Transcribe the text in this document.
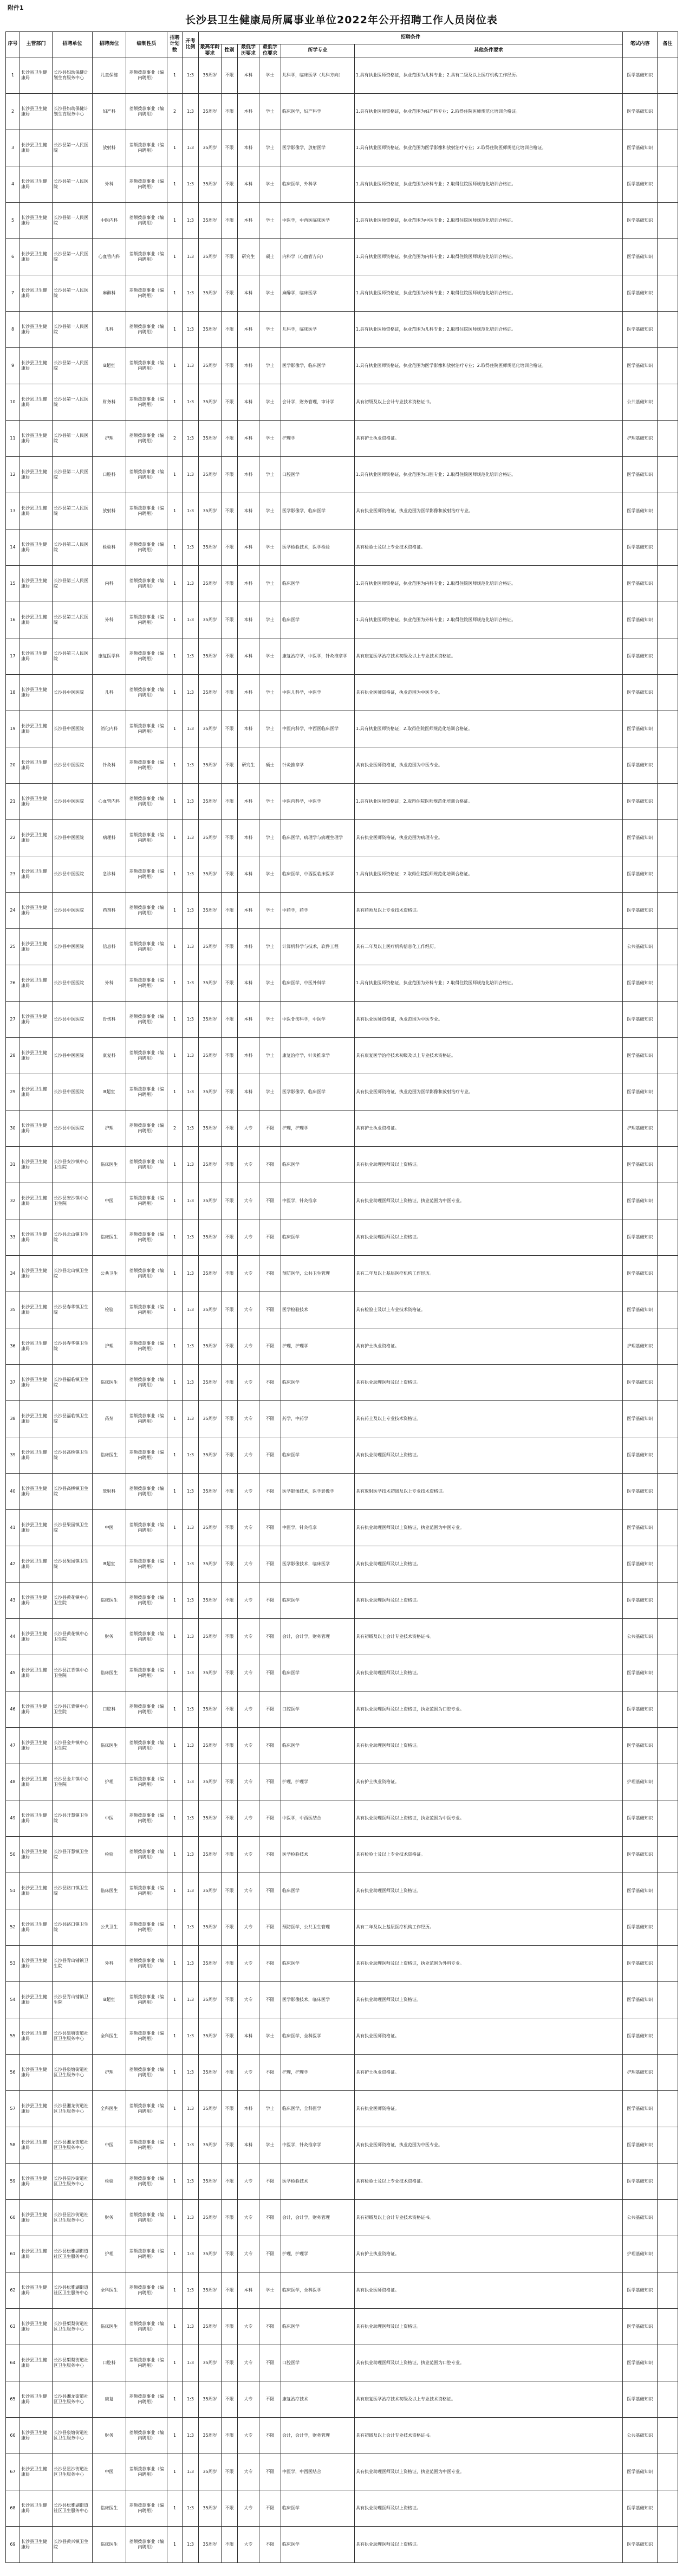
附件1
长沙县卫生健康局所属事业单位2022年公开招聘工作人员岗位表
序号	主管部门	招聘单位	招聘岗位	编制性质	招聘计划数	开考比例	招聘条件						笔试内容	备注
							最高年龄要求	性别	最低学历要求	最低学位要求	所学专业	其他条件要求		
1	长沙县卫生健康局	长沙县妇幼保健计划生育服务中心	儿童保健	差额拨款事业（编内聘用）	1	1:3	35周岁	不限	本科	学士	儿科学，临床医学（儿科方向）	1.具有执业医师资格证，执业范围为儿科专业；2.具有二级及以上医疗机构工作经历。	医学基础知识	
2	长沙县卫生健康局	长沙县妇幼保健计划生育服务中心	妇产科	差额拨款事业（编内聘用）	2	1:3	35周岁	不限	本科	学士	临床医学，妇产科学	1.具有执业医师资格证，执业范围为妇产科专业；2.取得住院医师规范化培训合格证。	医学基础知识	
3	长沙县卫生健康局	长沙县第一人民医院	放射科	差额拨款事业（编内聘用）	1	1:3	35周岁	不限	本科	学士	医学影像学，放射医学	1.具有执业医师资格证，执业范围为医学影像和放射治疗专业；2.取得住院医师规范化培训合格证。	医学基础知识	
4	长沙县卫生健康局	长沙县第一人民医院	外科	差额拨款事业（编内聘用）	1	1:3	35周岁	不限	本科	学士	临床医学，外科学	1.具有执业医师资格证，执业范围为外科专业；2.取得住院医师规范化培训合格证。	医学基础知识	
5	长沙县卫生健康局	长沙县第一人民医院	中医内科	差额拨款事业（编内聘用）	1	1:3	35周岁	不限	本科	学士	中医学，中西医临床医学	1.具有执业医师资格证，执业范围为中医专业；2.取得住院医师规范化培训合格证。	医学基础知识	
6	长沙县卫生健康局	长沙县第一人民医院	心血管内科	差额拨款事业（编内聘用）	1	1:3	35周岁	不限	研究生	硕士	内科学（心血管方向）	1.具有执业医师资格证，执业范围为内科专业；2.取得住院医师规范化培训合格证。	医学基础知识	
7	长沙县卫生健康局	长沙县第一人民医院	麻醉科	差额拨款事业（编内聘用）	1	1:3	35周岁	不限	本科	学士	麻醉学，临床医学	1.具有执业医师资格证，执业范围为外科专业；2.取得住院医师规范化培训合格证。	医学基础知识	
8	长沙县卫生健康局	长沙县第一人民医院	儿科	差额拨款事业（编内聘用）	1	1:3	35周岁	不限	本科	学士	儿科学，临床医学	1.具有执业医师资格证，执业范围为儿科专业；2.取得住院医师规范化培训合格证。	医学基础知识	
9	长沙县卫生健康局	长沙县第一人民医院	B超室	差额拨款事业（编内聘用）	1	1:3	35周岁	不限	本科	学士	医学影像学，临床医学	1.具有执业医师资格证，执业范围为医学影像和放射治疗专业；2.取得住院医师规范化培训合格证。	医学基础知识	
10	长沙县卫生健康局	长沙县第一人民医院	财务科	差额拨款事业（编内聘用）	1	1:3	35周岁	不限	本科	学士	会计学，财务管理，审计学	具有初级及以上会计专业技术资格证书。	公共基础知识	
11	长沙县卫生健康局	长沙县第一人民医院	护理	差额拨款事业（编内聘用）	2	1:3	35周岁	不限	本科	学士	护理学	具有护士执业资格证。	护理基础知识	
12	长沙县卫生健康局	长沙县第二人民医院	口腔科	差额拨款事业（编内聘用）	1	1:3	35周岁	不限	本科	学士	口腔医学	1.具有执业医师资格证，执业范围为口腔专业；2.取得住院医师规范化培训合格证。	医学基础知识	
13	长沙县卫生健康局	长沙县第二人民医院	放射科	差额拨款事业（编内聘用）	1	1:3	35周岁	不限	本科	学士	医学影像学，临床医学	具有执业医师资格证，执业范围为医学影像和放射治疗专业。	医学基础知识	
14	长沙县卫生健康局	长沙县第二人民医院	检验科	差额拨款事业（编内聘用）	1	1:3	35周岁	不限	本科	学士	医学检验技术，医学检验	具有检验士及以上专业技术资格证。	医学基础知识	
15	长沙县卫生健康局	长沙县第三人民医院	内科	差额拨款事业（编内聘用）	1	1:3	35周岁	不限	本科	学士	临床医学	1.具有执业医师资格证，执业范围为内科专业；2.取得住院医师规范化培训合格证。	医学基础知识	
16	长沙县卫生健康局	长沙县第三人民医院	外科	差额拨款事业（编内聘用）	1	1:3	35周岁	不限	本科	学士	临床医学	1.具有执业医师资格证，执业范围为外科专业；2.取得住院医师规范化培训合格证。	医学基础知识	
17	长沙县卫生健康局	长沙县第三人民医院	康复医学科	差额拨款事业（编内聘用）	1	1:3	35周岁	不限	本科	学士	康复治疗学，中医学，针灸推拿学	具有康复医学治疗技术初级及以上专业技术资格证。	医学基础知识	
18	长沙县卫生健康局	长沙县中医医院	儿科	差额拨款事业（编内聘用）	1	1:3	35周岁	不限	本科	学士	中医儿科学，中医学	具有执业医师资格证，执业范围为中医专业。	医学基础知识	
19	长沙县卫生健康局	长沙县中医医院	消化内科	差额拨款事业（编内聘用）	1	1:3	35周岁	不限	本科	学士	中医内科学，中西医临床医学	1.具有执业医师资格证；2.取得住院医师规范化培训合格证。	医学基础知识	
20	长沙县卫生健康局	长沙县中医医院	针灸科	差额拨款事业（编内聘用）	1	1:3	35周岁	不限	研究生	硕士	针灸推拿学	具有执业医师资格证，执业范围为中医专业。	医学基础知识	
21	长沙县卫生健康局	长沙县中医医院	心血管内科	差额拨款事业（编内聘用）	1	1:3	35周岁	不限	本科	学士	中医内科学，中医学	1.具有执业医师资格证；2.取得住院医师规范化培训合格证。	医学基础知识	
22	长沙县卫生健康局	长沙县中医医院	病理科	差额拨款事业（编内聘用）	1	1:3	35周岁	不限	本科	学士	临床医学，病理学与病理生理学	具有执业医师资格证，执业范围为病理专业。	医学基础知识	
23	长沙县卫生健康局	长沙县中医医院	急诊科	差额拨款事业（编内聘用）	1	1:3	35周岁	不限	本科	学士	临床医学，中西医临床医学	1.具有执业医师资格证；2.取得住院医师规范化培训合格证。	医学基础知识	
24	长沙县卫生健康局	长沙县中医医院	药剂科	差额拨款事业（编内聘用）	1	1:3	35周岁	不限	本科	学士	中药学，药学	具有药师及以上专业技术资格证。	医学基础知识	
25	长沙县卫生健康局	长沙县中医医院	信息科	差额拨款事业（编内聘用）	1	1:3	35周岁	不限	本科	学士	计算机科学与技术，软件工程	具有二年及以上医疗机构信息化工作经历。	公共基础知识	
26	长沙县卫生健康局	长沙县中医医院	外科	差额拨款事业（编内聘用）	1	1:3	35周岁	不限	本科	学士	临床医学，中医外科学	1.具有执业医师资格证，执业范围为外科专业；2.取得住院医师规范化培训合格证。	医学基础知识	
27	长沙县卫生健康局	长沙县中医医院	骨伤科	差额拨款事业（编内聘用）	1	1:3	35周岁	不限	本科	学士	中医骨伤科学，中医学	具有执业医师资格证，执业范围为中医专业。	医学基础知识	
28	长沙县卫生健康局	长沙县中医医院	康复科	差额拨款事业（编内聘用）	1	1:3	35周岁	不限	本科	学士	康复治疗学，针灸推拿学	具有康复医学治疗技术初级及以上专业技术资格证。	医学基础知识	
29	长沙县卫生健康局	长沙县中医医院	B超室	差额拨款事业（编内聘用）	1	1:3	35周岁	不限	本科	学士	医学影像学，临床医学	具有执业医师资格证，执业范围为医学影像和放射治疗专业。	医学基础知识	
30	长沙县卫生健康局	长沙县中医医院	护理	差额拨款事业（编内聘用）	2	1:3	35周岁	不限	大专	不限	护理，护理学	具有护士执业资格证。	护理基础知识	
31	长沙县卫生健康局	长沙县安沙镇中心卫生院	临床医生	差额拨款事业（编内聘用）	1	1:3	35周岁	不限	大专	不限	临床医学	具有执业助理医师及以上资格证。	医学基础知识	
32	长沙县卫生健康局	长沙县安沙镇中心卫生院	中医	差额拨款事业（编内聘用）	1	1:3	35周岁	不限	大专	不限	中医学，针灸推拿	具有执业助理医师及以上资格证，执业范围为中医专业。	医学基础知识	
33	长沙县卫生健康局	长沙县北山镇卫生院	临床医生	差额拨款事业（编内聘用）	1	1:3	35周岁	不限	大专	不限	临床医学	具有执业助理医师及以上资格证。	医学基础知识	
34	长沙县卫生健康局	长沙县北山镇卫生院	公共卫生	差额拨款事业（编内聘用）	1	1:3	35周岁	不限	大专	不限	预防医学，公共卫生管理	具有二年及以上基层医疗机构工作经历。	医学基础知识	
35	长沙县卫生健康局	长沙县春华镇卫生院	检验	差额拨款事业（编内聘用）	1	1:3	35周岁	不限	大专	不限	医学检验技术	具有检验士及以上专业技术资格证。	医学基础知识	
36	长沙县卫生健康局	长沙县春华镇卫生院	护理	差额拨款事业（编内聘用）	1	1:3	35周岁	不限	大专	不限	护理，护理学	具有护士执业资格证。	护理基础知识	
37	长沙县卫生健康局	长沙县福临镇卫生院	临床医生	差额拨款事业（编内聘用）	1	1:3	35周岁	不限	大专	不限	临床医学	具有执业助理医师及以上资格证。	医学基础知识	
38	长沙县卫生健康局	长沙县福临镇卫生院	药剂	差额拨款事业（编内聘用）	1	1:3	35周岁	不限	大专	不限	药学，中药学	具有药士及以上专业技术资格证。	医学基础知识	
39	长沙县卫生健康局	长沙县高桥镇卫生院	临床医生	差额拨款事业（编内聘用）	1	1:3	35周岁	不限	大专	不限	临床医学	具有执业助理医师及以上资格证。	医学基础知识	
40	长沙县卫生健康局	长沙县高桥镇卫生院	放射科	差额拨款事业（编内聘用）	1	1:3	35周岁	不限	大专	不限	医学影像技术，医学影像学	具有放射医学技术初级及以上专业技术资格证。	医学基础知识	
41	长沙县卫生健康局	长沙县果园镇卫生院	中医	差额拨款事业（编内聘用）	1	1:3	35周岁	不限	大专	不限	中医学，针灸推拿	具有执业助理医师及以上资格证，执业范围为中医专业。	医学基础知识	
42	长沙县卫生健康局	长沙县果园镇卫生院	B超室	差额拨款事业（编内聘用）	1	1:3	35周岁	不限	大专	不限	医学影像技术，临床医学	具有执业助理医师及以上资格证。	医学基础知识	
43	长沙县卫生健康局	长沙县黄花镇中心卫生院	临床医生	差额拨款事业（编内聘用）	1	1:3	35周岁	不限	大专	不限	临床医学	具有执业助理医师及以上资格证。	医学基础知识	
44	长沙县卫生健康局	长沙县黄花镇中心卫生院	财务	差额拨款事业（编内聘用）	1	1:3	35周岁	不限	大专	不限	会计，会计学，财务管理	具有初级及以上会计专业技术资格证书。	公共基础知识	
45	长沙县卫生健康局	长沙县江背镇中心卫生院	临床医生	差额拨款事业（编内聘用）	1	1:3	35周岁	不限	大专	不限	临床医学	具有执业助理医师及以上资格证。	医学基础知识	
46	长沙县卫生健康局	长沙县江背镇中心卫生院	口腔科	差额拨款事业（编内聘用）	1	1:3	35周岁	不限	大专	不限	口腔医学	具有执业助理医师及以上资格证，执业范围为口腔专业。	医学基础知识	
47	长沙县卫生健康局	长沙县金井镇中心卫生院	临床医生	差额拨款事业（编内聘用）	1	1:3	35周岁	不限	大专	不限	临床医学	具有执业助理医师及以上资格证。	医学基础知识	
48	长沙县卫生健康局	长沙县金井镇中心卫生院	护理	差额拨款事业（编内聘用）	1	1:3	35周岁	不限	大专	不限	护理，护理学	具有护士执业资格证。	护理基础知识	
49	长沙县卫生健康局	长沙县开慧镇卫生院	中医	差额拨款事业（编内聘用）	1	1:3	35周岁	不限	大专	不限	中医学，中西医结合	具有执业助理医师及以上资格证，执业范围为中医专业。	医学基础知识	
50	长沙县卫生健康局	长沙县开慧镇卫生院	检验	差额拨款事业（编内聘用）	1	1:3	35周岁	不限	大专	不限	医学检验技术	具有检验士及以上专业技术资格证。	医学基础知识	
51	长沙县卫生健康局	长沙县路口镇卫生院	临床医生	差额拨款事业（编内聘用）	1	1:3	35周岁	不限	大专	不限	临床医学	具有执业助理医师及以上资格证。	医学基础知识	
52	长沙县卫生健康局	长沙县路口镇卫生院	公共卫生	差额拨款事业（编内聘用）	1	1:3	35周岁	不限	大专	不限	预防医学，公共卫生管理	具有二年及以上基层医疗机构工作经历。	医学基础知识	
53	长沙县卫生健康局	长沙县青山铺镇卫生院	外科	差额拨款事业（编内聘用）	1	1:3	35周岁	不限	大专	不限	临床医学	具有执业助理医师及以上资格证，执业范围为外科专业。	医学基础知识	
54	长沙县卫生健康局	长沙县青山铺镇卫生院	B超室	差额拨款事业（编内聘用）	1	1:3	35周岁	不限	大专	不限	医学影像技术，临床医学	具有执业助理医师及以上资格证。	医学基础知识	
55	长沙县卫生健康局	长沙县泉塘街道社区卫生服务中心	全科医生	差额拨款事业（编内聘用）	1	1:3	35周岁	不限	本科	学士	临床医学，全科医学	具有执业医师资格证。	医学基础知识	
56	长沙县卫生健康局	长沙县泉塘街道社区卫生服务中心	护理	差额拨款事业（编内聘用）	1	1:3	35周岁	不限	大专	不限	护理，护理学	具有护士执业资格证。	护理基础知识	
57	长沙县卫生健康局	长沙县湘龙街道社区卫生服务中心	全科医生	差额拨款事业（编内聘用）	1	1:3	35周岁	不限	本科	学士	临床医学，全科医学	具有执业医师资格证。	医学基础知识	
58	长沙县卫生健康局	长沙县湘龙街道社区卫生服务中心	中医	差额拨款事业（编内聘用）	1	1:3	35周岁	不限	本科	学士	中医学，针灸推拿学	具有执业医师资格证，执业范围为中医专业。	医学基础知识	
59	长沙县卫生健康局	长沙县星沙街道社区卫生服务中心	检验	差额拨款事业（编内聘用）	1	1:3	35周岁	不限	大专	不限	医学检验技术	具有检验士及以上专业技术资格证。	医学基础知识	
60	长沙县卫生健康局	长沙县星沙街道社区卫生服务中心	财务	差额拨款事业（编内聘用）	1	1:3	35周岁	不限	大专	不限	会计，会计学，财务管理	具有初级及以上会计专业技术资格证书。	公共基础知识	
61	长沙县卫生健康局	长沙县松雅湖街道社区卫生服务中心	护理	差额拨款事业（编内聘用）	1	1:3	35周岁	不限	大专	不限	护理，护理学	具有护士执业资格证。	护理基础知识	
62	长沙县卫生健康局	长沙县松雅湖街道社区卫生服务中心	全科医生	差额拨款事业（编内聘用）	1	1:3	35周岁	不限	本科	学士	临床医学，全科医学	具有执业医师资格证。	医学基础知识	
63	长沙县卫生健康局	长沙县㮾梨街道社区卫生服务中心	临床医生	差额拨款事业（编内聘用）	1	1:3	35周岁	不限	大专	不限	临床医学	具有执业助理医师及以上资格证。	医学基础知识	
64	长沙县卫生健康局	长沙县㮾梨街道社区卫生服务中心	口腔科	差额拨款事业（编内聘用）	1	1:3	35周岁	不限	大专	不限	口腔医学	具有执业助理医师及以上资格证，执业范围为口腔专业。	医学基础知识	
65	长沙县卫生健康局	长沙县湘龙街道社区卫生服务中心	康复	差额拨款事业（编内聘用）	1	1:3	35周岁	不限	大专	不限	康复治疗技术	具有康复医学治疗技术初级及以上专业技术资格证。	医学基础知识	
66	长沙县卫生健康局	长沙县泉塘街道社区卫生服务中心	财务	差额拨款事业（编内聘用）	1	1:3	35周岁	不限	大专	不限	会计，会计学，财务管理	具有初级及以上会计专业技术资格证书。	公共基础知识	
67	长沙县卫生健康局	长沙县星沙街道社区卫生服务中心	中医	差额拨款事业（编内聘用）	1	1:3	35周岁	不限	大专	不限	中医学，中西医结合	具有执业助理医师及以上资格证，执业范围为中医专业。	医学基础知识	
68	长沙县卫生健康局	长沙县松雅湖街道社区卫生服务中心	临床医生	差额拨款事业（编内聘用）	1	1:3	35周岁	不限	大专	不限	临床医学	具有执业助理医师及以上资格证。	医学基础知识	
69	长沙县卫生健康局	长沙县黄兴镇卫生院	临床医生	差额拨款事业（编内聘用）	1	1:3	35周岁	不限	大专	不限	临床医学	具有执业助理医师及以上资格证。	医学基础知识	
